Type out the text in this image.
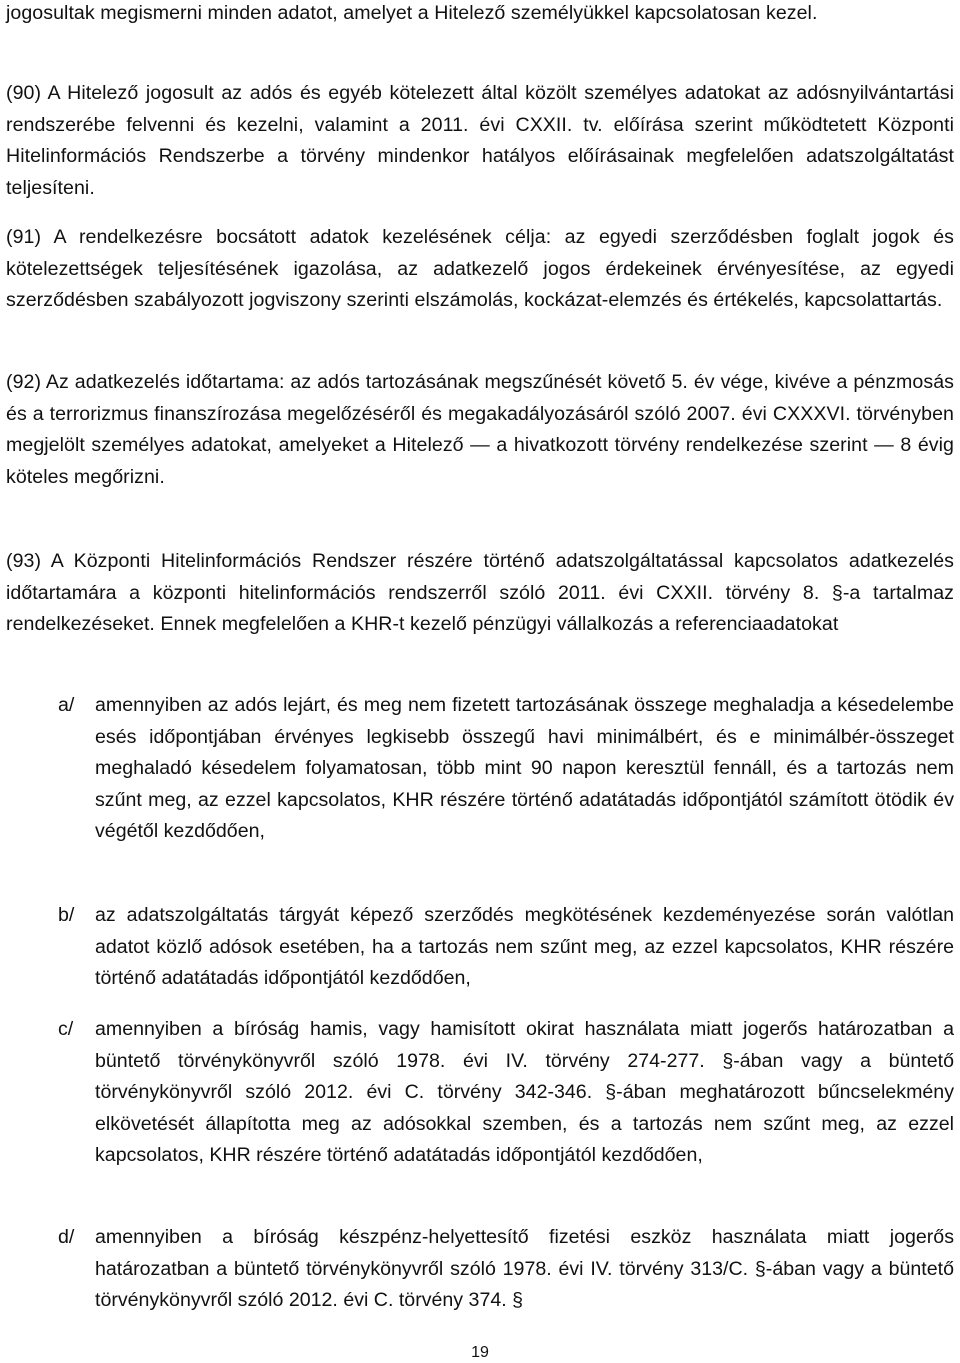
jogosultak megismerni minden adatot, amelyet a Hitelező személyükkel kapcsolatosan kezel.

(90) A Hitelező jogosult az adós és egyéb kötelezett által közölt személyes adatokat az adósnyilvántartási rendszerébe felvenni és kezelni, valamint a 2011. évi CXXII. tv. előírása szerint működtetett Központi Hitelinformációs Rendszerbe a törvény mindenkor hatályos előírásainak megfelelően adatszolgáltatást teljesíteni.

(91) A rendelkezésre bocsátott adatok kezelésének célja: az egyedi szerződésben foglalt jogok és kötelezettségek teljesítésének igazolása, az adatkezelő jogos érdekeinek érvényesítése, az egyedi szerződésben szabályozott jogviszony szerinti elszámolás, kockázat-elemzés és értékelés, kapcsolattartás.

(92) Az adatkezelés időtartama: az adós tartozásának megszűnését követő 5. év vége, kivéve a pénzmosás és a terrorizmus finanszírozása megelőzéséről és megakadályozásáról szóló 2007. évi CXXXVI. törvényben megjelölt személyes adatokat, amelyeket a Hitelező — a hivatkozott törvény rendelkezése szerint — 8 évig köteles megőrizni.

(93) A Központi Hitelinformációs Rendszer részére történő adatszolgáltatással kapcsolatos adatkezelés időtartamára a központi hitelinformációs rendszerről szóló 2011. évi CXXII. törvény 8. §-a tartalmaz rendelkezéseket. Ennek megfelelően a KHR-t kezelő pénzügyi vállalkozás a referenciaadatokat

a/ amennyiben az adós lejárt, és meg nem fizetett tartozásának összege meghaladja a késedelembe esés időpontjában érvényes legkisebb összegű havi minimálbért, és e minimálbér-összeget meghaladó késedelem folyamatosan, több mint 90 napon keresztül fennáll, és a tartozás nem szűnt meg, az ezzel kapcsolatos, KHR részére történő adatátadás időpontjától számított ötödik év végétől kezdődően,
b/ az adatszolgáltatás tárgyát képező szerződés megkötésének kezdeményezése során valótlan adatot közlő adósok esetében, ha a tartozás nem szűnt meg, az ezzel kapcsolatos, KHR részére történő adatátadás időpontjától kezdődően,
c/ amennyiben a bíróság hamis, vagy hamisított okirat használata miatt jogerős határozatban a büntető törvénykönyvről szóló 1978. évi IV. törvény 274-277. §-ában vagy a büntető törvénykönyvről szóló 2012. évi C. törvény 342-346. §-ában meghatározott bűncselekmény elkövetését állapította meg az adósokkal szemben, és a tartozás nem szűnt meg, az ezzel kapcsolatos, KHR részére történő adatátadás időpontjától kezdődően,
d/ amennyiben a bíróság készpénz-helyettesítő fizetési eszköz használata miatt jogerős határozatban a büntető törvénykönyvről szóló 1978. évi IV. törvény 313/C. §-ában vagy a büntető törvénykönyvről szóló 2012. évi C. törvény 374. §
19
